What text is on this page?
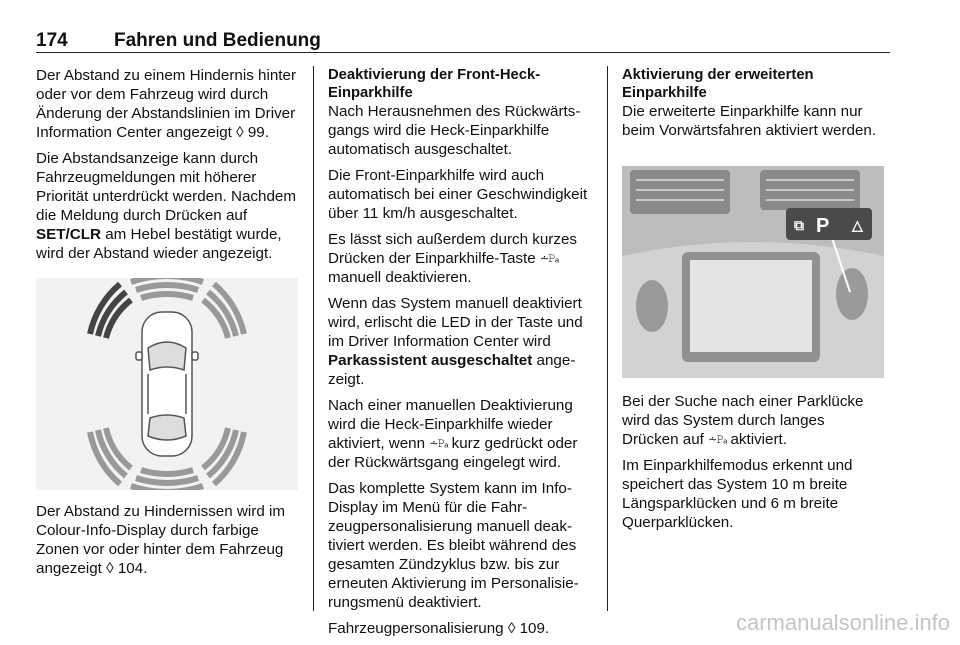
174 Fahren und Bedienung

Der Abstand zu einem Hindernis hinter oder vor dem Fahrzeug wird durch Änderung der Abstandslinien im Driver Information Center angezeigt ◊ 99.

Die Abstandsanzeige kann durch Fahrzeugmeldungen mit höherer Priorität unterdrückt werden. Nachdem die Meldung durch Drücken auf SET/CLR am Hebel bestätigt wurde, wird der Abstand wieder angezeigt.

Der Abstand zu Hindernissen wird im Colour-Info-Display durch farbige Zonen vor oder hinter dem Fahrzeug angezeigt ◊ 104.

Deaktivierung der Front-Heck-Einparkhilfe

Nach Herausnehmen des Rückwärtsgangs wird die Heck-Einparkhilfe automatisch ausgeschaltet.

Die Front-Einparkhilfe wird auch automatisch bei einer Geschwindigkeit über 11 km/h ausgeschaltet.

Es lässt sich außerdem durch kurzes Drücken der Einparkhilfe-Taste ⩪𝙿ₐ manuell deaktivieren.

Wenn das System manuell deaktiviert wird, erlischt die LED in der Taste und im Driver Information Center wird Parkassistent ausgeschaltet angezeigt.

Nach einer manuellen Deaktivierung wird die Heck-Einparkhilfe wieder aktiviert, wenn ⩪𝙿ₐ kurz gedrückt oder der Rückwärtsgang eingelegt wird.

Das komplette System kann im Info-Display im Menü für die Fahrzeugpersonalisierung manuell deaktiviert werden. Es bleibt während des gesamten Zündzyklus bzw. bis zur erneuten Aktivierung im Personalisierungsmenü deaktiviert.

Fahrzeugpersonalisierung ◊ 109.

Aktivierung der erweiterten Einparkhilfe

Die erweiterte Einparkhilfe kann nur beim Vorwärtsfahren aktiviert werden.

⧉ P △

Bei der Suche nach einer Parklücke wird das System durch langes Drücken auf ⩪𝙿ₐ aktiviert.

Im Einparkhilfemodus erkennt und speichert das System 10 m breite Längsparklücken und 6 m breite Querparklücken.

carmanualsonline.info
